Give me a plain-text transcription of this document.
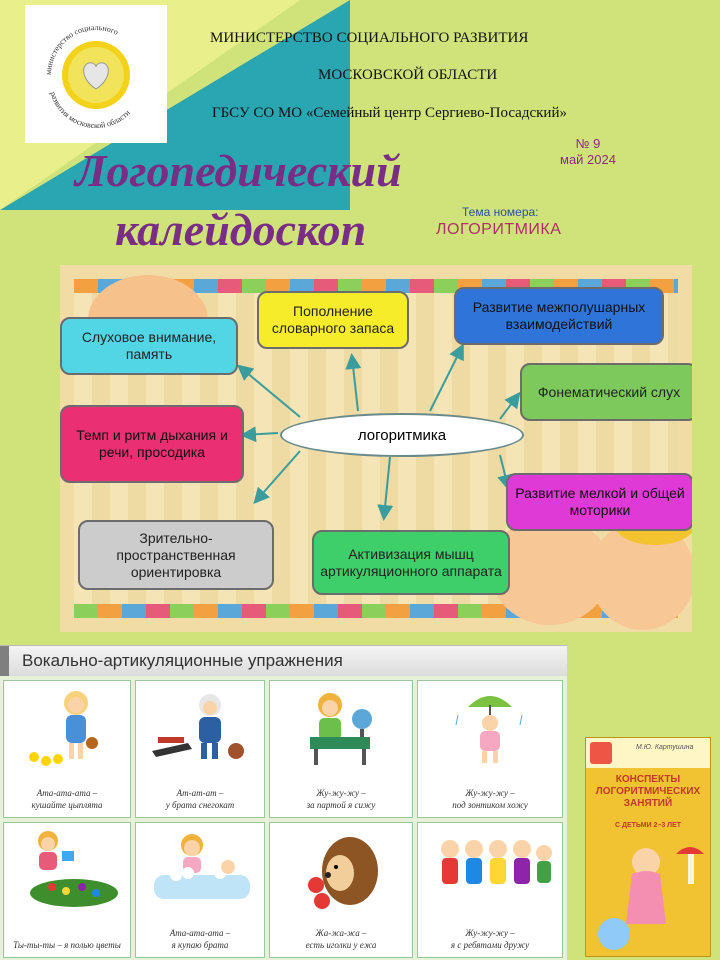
министерство социального
развития московской области
МИНИСТЕРСТВО СОЦИАЛЬНОГО РАЗВИТИЯ
МОСКОВСКОЙ ОБЛАСТИ
ГБСУ СО МО «Семейный центр Сергиево-Посадский»
№ 9
май 2024
Логопедический
калейдоскоп	Тема номера:
ЛОГОРИТМИКА
логоритмика
Пополнение словарного запаса
Развитие межполушарных взаимодействий
Слуховое внимание, память
Фонематический слух
Темп и ритм дыхания и речи, просодика
Развитие мелкой и общей моторики
Зрительно-пространственная ориентировка
Активизация мышц артикуляционного аппарата
Вокально-артикуляционные упражнения
Ата-ата-ата –
кушайте цыплята
Ат-ат-ат –
у брата снегокат
Жу-жу-жу –
за партой я сижу
Жу-жу-жу –
под зонтиком хожу
Ты-ты-ты – я полью цветы
Ата-ата-ата –
я купаю брата
Жа-жа-жа –
есть иголки у ежа
Жу-жу-жу –
я с ребятами дружу
М.Ю. Картушина
КОНСПЕКТЫ ЛОГОРИТМИЧЕСКИХ ЗАНЯТИЙ
С ДЕТЬМИ 2–3 ЛЕТ
